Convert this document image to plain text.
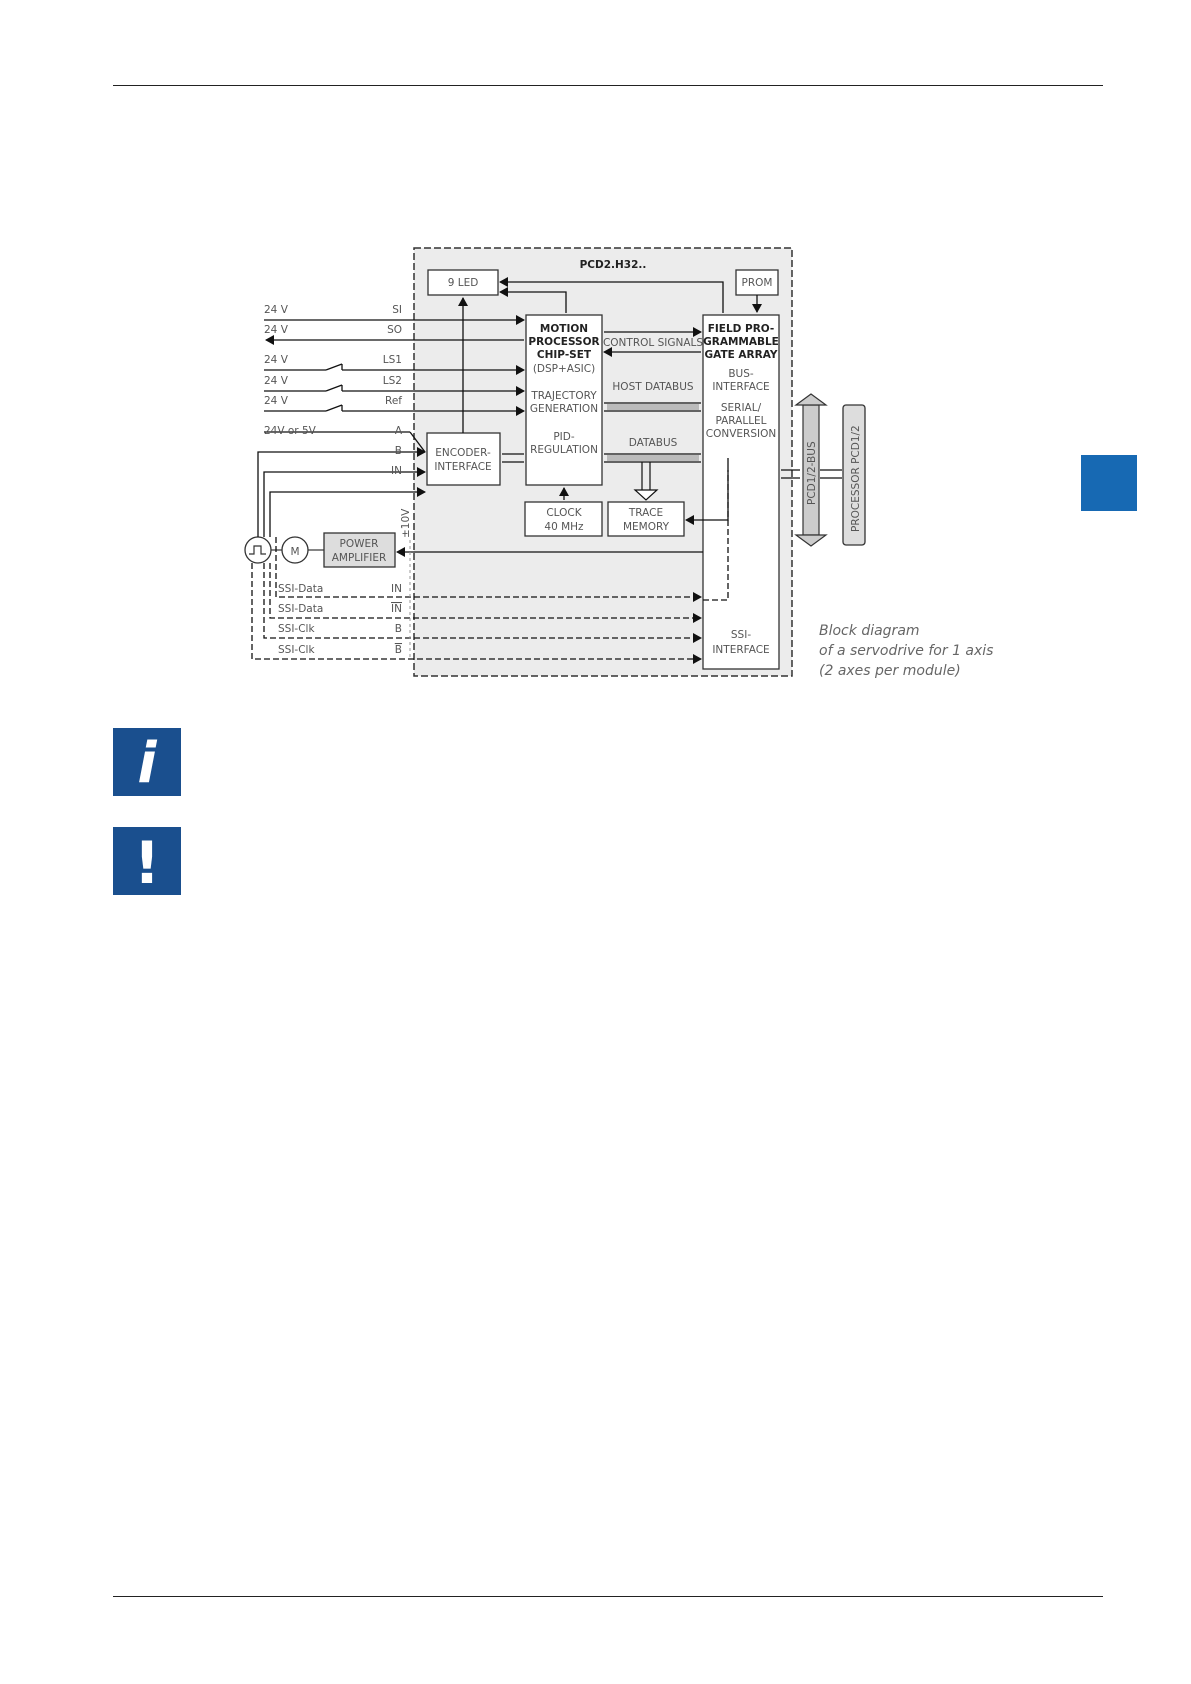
PCD2.H32..
9 LED	PROM
MOTION
PROCESSOR
CHIP-SET
(DSP+ASIC)
TRAJECTORY
GENERATION
PID-
REGULATION
FIELD PRO-
GRAMMABLE
GATE ARRAY
BUS-
INTERFACE
SERIAL/
PARALLEL
CONVERSION
SSI-
INTERFACE
ENCODER-
INTERFACE
CLOCK
40 MHz
TRACE
MEMORY
POWER
AMPLIFIER
M
±10V
CONTROL SIGNALS
HOST DATABUS
DATABUS	PCD1/2-BUS	PROCESSOR PCD1/2
24 V	SI
24 V	SO
24 V	LS1
24 V	LS2
24 V	Ref
24V or 5V	A
B
IN
SSI-Data	IN
SSI-Data	IN
SSI-Clk	B
SSI-Clk	B
Block diagram
of a servodrive for 1 axis
(2 axes per module)
i
!
